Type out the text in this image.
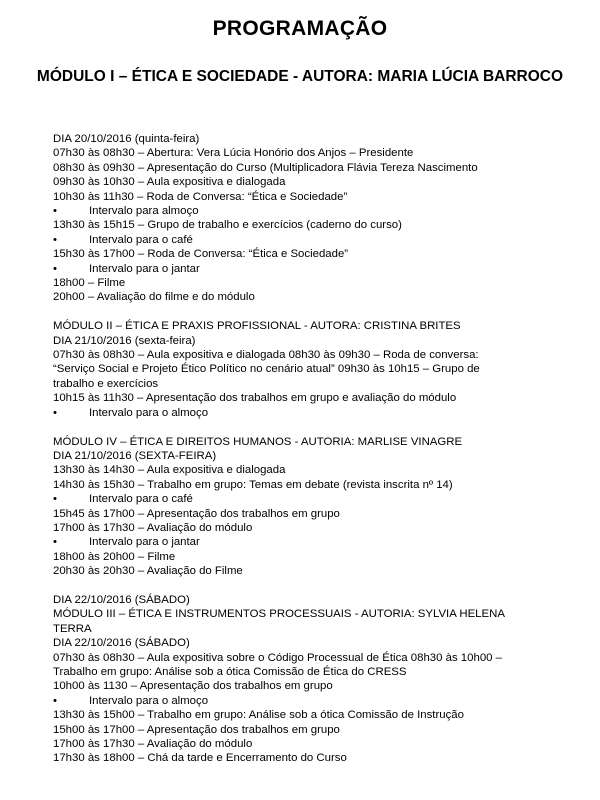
PROGRAMAÇÃO
MÓDULO I – ÉTICA E SOCIEDADE - AUTORA: MARIA LÚCIA BARROCO
DIA 20/10/2016 (quinta-feira)
07h30 às 08h30 – Abertura: Vera Lúcia Honório dos Anjos – Presidente
08h30 às 09h30 – Apresentação do Curso (Multiplicadora Flávia Tereza Nascimento
09h30 às 10h30 – Aula expositiva e dialogada
10h30 às 11h30 – Roda de Conversa: “Ética e Sociedade”
•	Intervalo para almoço
13h30 às 15h15 – Grupo de trabalho e exercícios (caderno do curso)
•	Intervalo para o café
15h30 às 17h00 – Roda de Conversa: “Ética e Sociedade”
•	Intervalo para o jantar
18h00 – Filme
20h00 – Avaliação do filme e do módulo
MÓDULO II – ÉTICA E PRAXIS PROFISSIONAL - AUTORA: CRISTINA BRITES
DIA 21/10/2016 (sexta-feira)
07h30 às 08h30 – Aula expositiva e dialogada 08h30 às 09h30 – Roda de conversa:
“Serviço Social e Projeto Ético Político no cenário atual” 09h30 às 10h15 – Grupo de
trabalho e exercícios
10h15 às 11h30 – Apresentação dos trabalhos em grupo e avaliação do módulo
•	Intervalo para o almoço
MÓDULO IV – ÉTICA E DIREITOS HUMANOS - AUTORIA: MARLISE VINAGRE
DIA 21/10/2016 (SEXTA-FEIRA)
13h30 às 14h30 – Aula expositiva e dialogada
14h30 às 15h30 – Trabalho em grupo: Temas em debate (revista inscrita nº 14)
•	Intervalo para o café
15h45 às 17h00 – Apresentação dos trabalhos em grupo
17h00 às 17h30 – Avaliação do módulo
•	Intervalo para o jantar
18h00 às 20h00 – Filme
20h30 às 20h30 – Avaliação do Filme
DIA 22/10/2016 (SÁBADO)
MÓDULO III – ÉTICA E INSTRUMENTOS PROCESSUAIS - AUTORIA: SYLVIA HELENA
TERRA
DIA 22/10/2016 (SÁBADO)
07h30 às 08h30 – Aula expositiva sobre o Código Processual de Ética 08h30 às 10h00 –
Trabalho em grupo: Análise sob a ótica Comissão de Ética do CRESS
10h00 às 1130 – Apresentação dos trabalhos em grupo
•	Intervalo para o almoço
13h30 às 15h00 – Trabalho em grupo: Análise sob a ótica Comissão de Instrução
15h00 às 17h00 – Apresentação dos trabalhos em grupo
17h00 às 17h30 – Avaliação do módulo
17h30 às 18h00 – Chá da tarde e Encerramento do Curso
